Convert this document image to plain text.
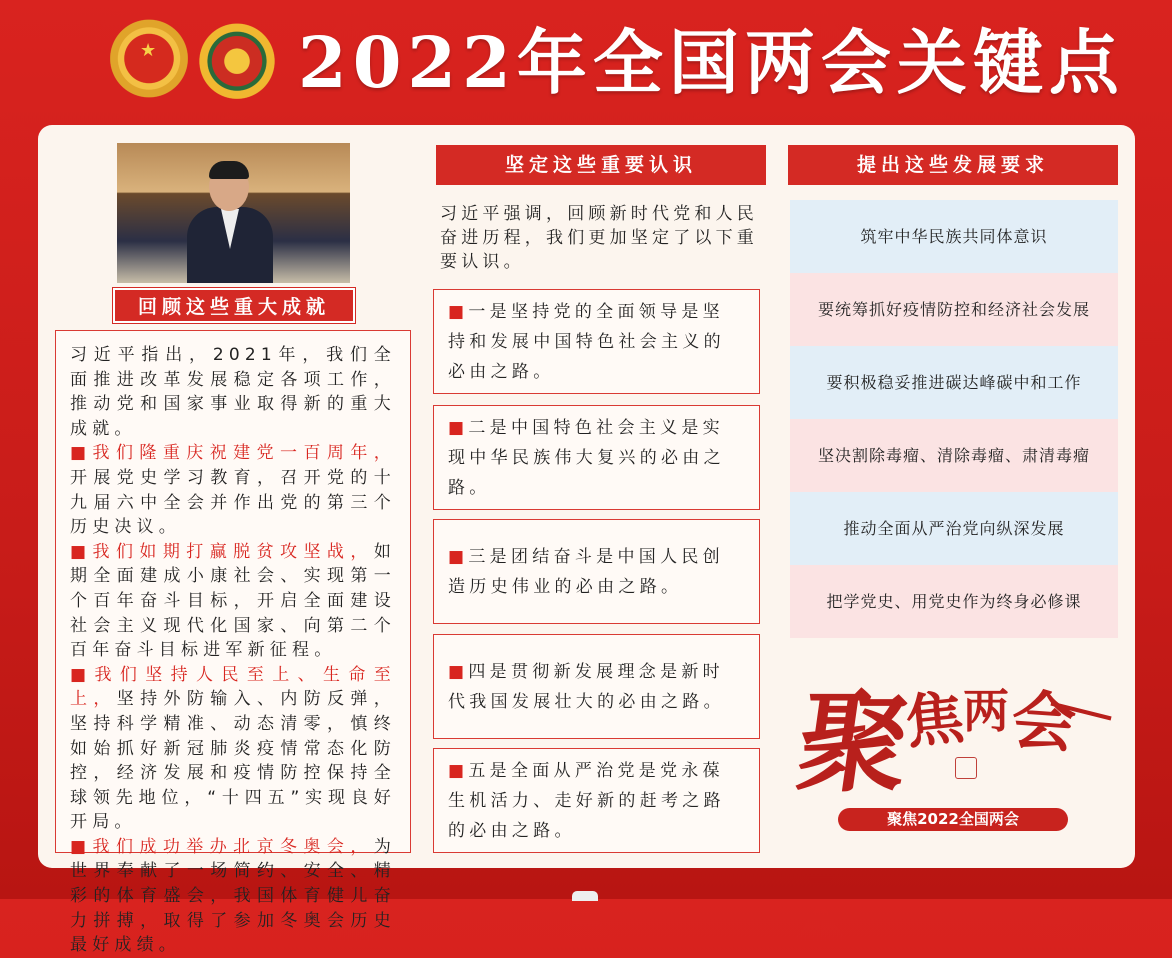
★ 2022年全国两会关键点
回顾这些重大成就

习近平指出，2021年，我们全面推进改革发展稳定各项工作，推动党和国家事业取得新的重大成就。

■我们隆重庆祝建党一百周年，开展党史学习教育，召开党的十九届六中全会并作出党的第三个历史决议。

■我们如期打赢脱贫攻坚战，如期全面建成小康社会、实现第一个百年奋斗目标，开启全面建设社会主义现代化国家、向第二个百年奋斗目标进军新征程。

■我们坚持人民至上、生命至上，坚持外防输入、内防反弹，坚持科学精准、动态清零，慎终如始抓好新冠肺炎疫情常态化防控，经济发展和疫情防控保持全球领先地位，“十四五”实现良好开局。

■我们成功举办北京冬奥会，为世界奉献了一场简约、安全、精彩的体育盛会，我国体育健儿奋力拼搏，取得了参加冬奥会历史最好成绩。

坚定这些重要认识
习近平强调，回顾新时代党和人民奋进历程，我们更加坚定了以下重要认识。
■一是坚持党的全面领导是坚持和发展中国特色社会主义的必由之路。
■二是中国特色社会主义是实现中华民族伟大复兴的必由之路。
■三是团结奋斗是中国人民创造历史伟业的必由之路。
■四是贯彻新发展理念是新时代我国发展壮大的必由之路。
■五是全面从严治党是党永葆生机活力、走好新的赶考之路的必由之路。
提出这些发展要求
筑牢中华民族共同体意识
要统筹抓好疫情防控和经济社会发展
要积极稳妥推进碳达峰碳中和工作
坚决割除毒瘤、清除毒瘤、肃清毒瘤
推动全面从严治党向纵深发展
把学党史、用党史作为终身必修课
聚
焦
两 会
聚焦2022全国两会
